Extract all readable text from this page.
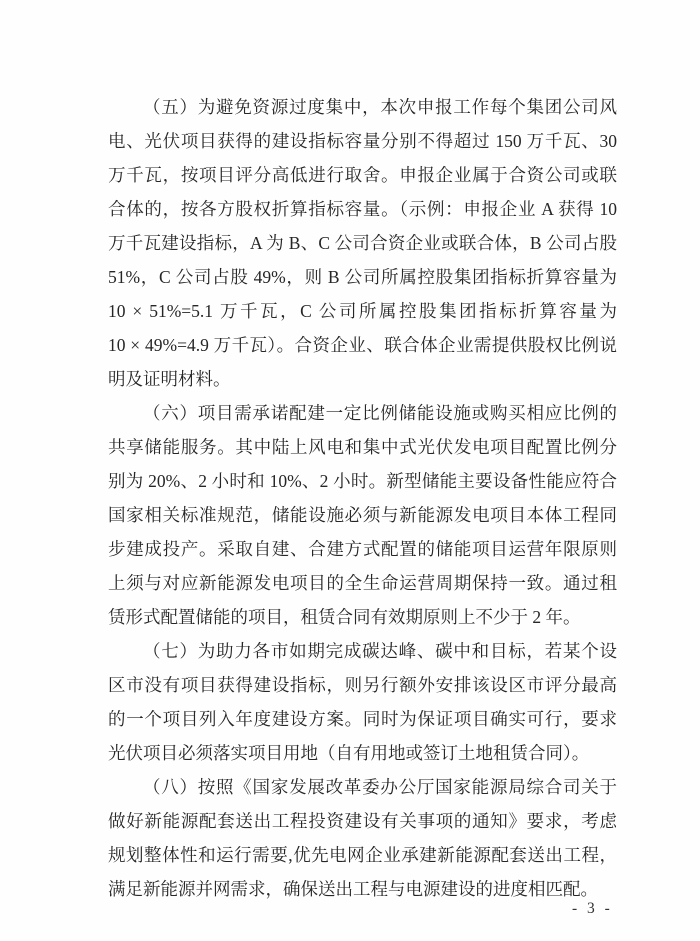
（五）为避免资源过度集中，本次申报工作每个集团公司风
电、光伏项目获得的建设指标容量分别不得超过 150 万千瓦、30
万千瓦，按项目评分高低进行取舍。申报企业属于合资公司或联
合体的，按各方股权折算指标容量。（示例：申报企业 A 获得 10
万千瓦建设指标，A 为 B、C 公司合资企业或联合体，B 公司占股
51%，C 公司占股 49%，则 B 公司所属控股集团指标折算容量为
10 × 51%=5.1 万千瓦，C 公司所属控股集团指标折算容量为
10 × 49%=4.9 万千瓦）。合资企业、联合体企业需提供股权比例说
明及证明材料。
（六）项目需承诺配建一定比例储能设施或购买相应比例的
共享储能服务。其中陆上风电和集中式光伏发电项目配置比例分
别为 20%、2 小时和 10%、2 小时。新型储能主要设备性能应符合
国家相关标准规范，储能设施必须与新能源发电项目本体工程同
步建成投产。采取自建、合建方式配置的储能项目运营年限原则
上须与对应新能源发电项目的全生命运营周期保持一致。通过租
赁形式配置储能的项目，租赁合同有效期原则上不少于 2 年。
（七）为助力各市如期完成碳达峰、碳中和目标，若某个设
区市没有项目获得建设指标，则另行额外安排该设区市评分最高
的一个项目列入年度建设方案。同时为保证项目确实可行，要求
光伏项目必须落实项目用地（自有用地或签订土地租赁合同）。
（八）按照《国家发展改革委办公厅国家能源局综合司关于
做好新能源配套送出工程投资建设有关事项的通知》要求，考虑
规划整体性和运行需要,优先电网企业承建新能源配套送出工程，
满足新能源并网需求，确保送出工程与电源建设的进度相匹配。
- 3 -
